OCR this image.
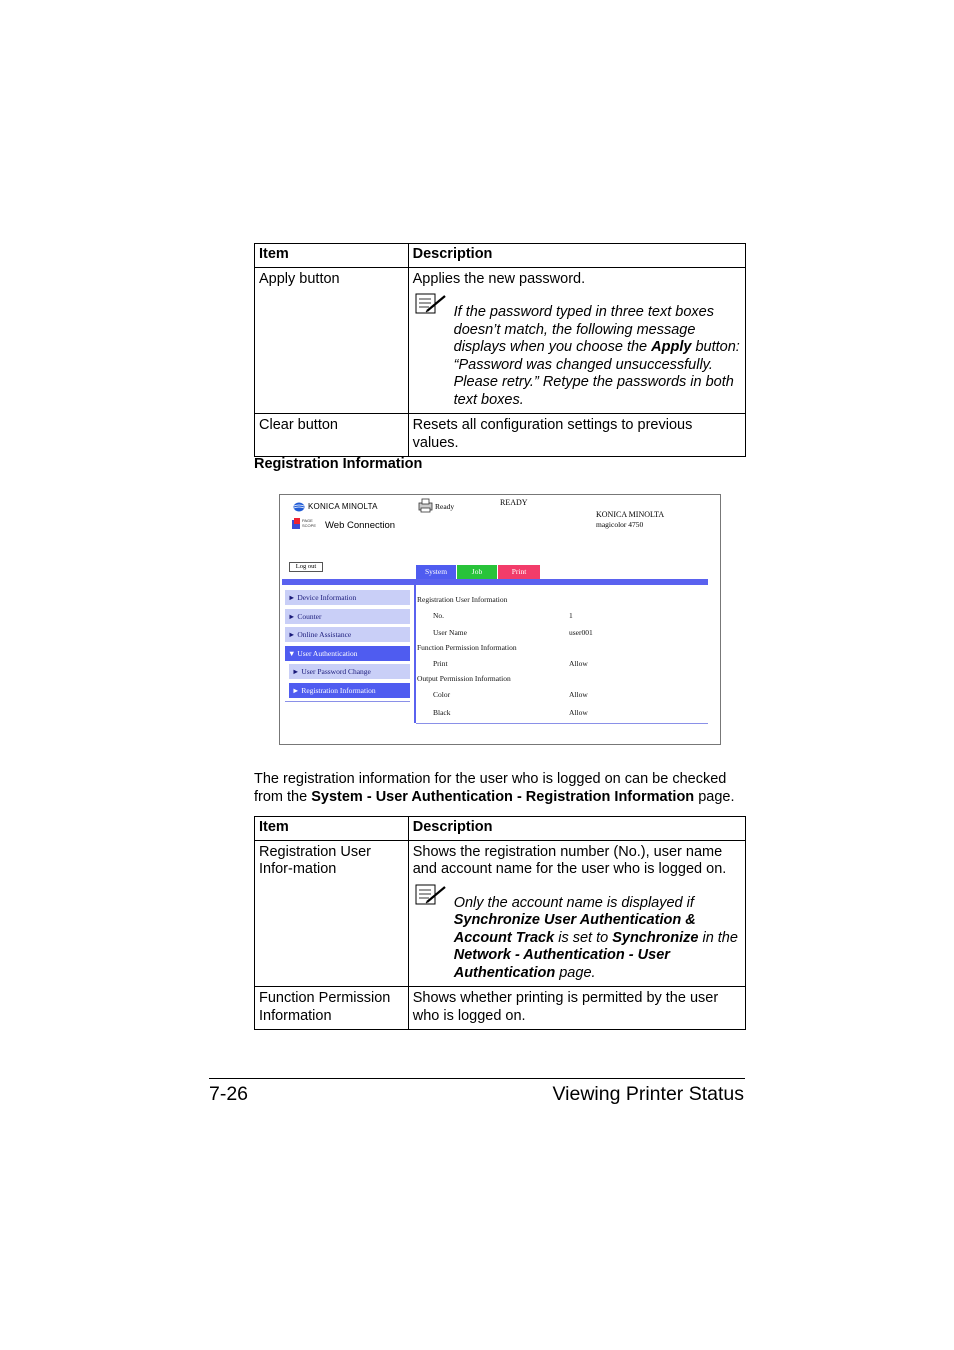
Item	Description
Apply button	Applies the new password.
If the password typed in three text boxes doesn’t match, the following message displays when you choose the Apply button: “Password was changed unsuccessfully. Please retry.” Retype the passwords in both text boxes.

Clear button	Resets all configuration settings to previous values.
Registration Information
KONICA MINOLTA
PAGE SCOPE Web Connection
Ready	READY
KONICA MINOLTA
magicolor 4750
Log out
System	Job	Print
► Device Information
► Counter
► Online Assistance
▼ User Authentication
► User Password Change
► Registration Information
Registration User Information
No.	1
User Name	user001
Function Permission Information
Print	Allow
Output Permission Information
Color	Allow
Black	Allow
The registration information for the user who is logged on can be checked from the System - User Authentication - Registration Information page.
Item	Description
Registration User Infor-mation	Shows the registration number (No.), user name and account name for the user who is logged on.
Only the account name is displayed if Synchronize User Authentication & Account Track is set to Synchronize in the Network - Authentication - User Authentication page.

Function Permission Information	Shows whether printing is permitted by the user who is logged on.
7-26	Viewing Printer Status
